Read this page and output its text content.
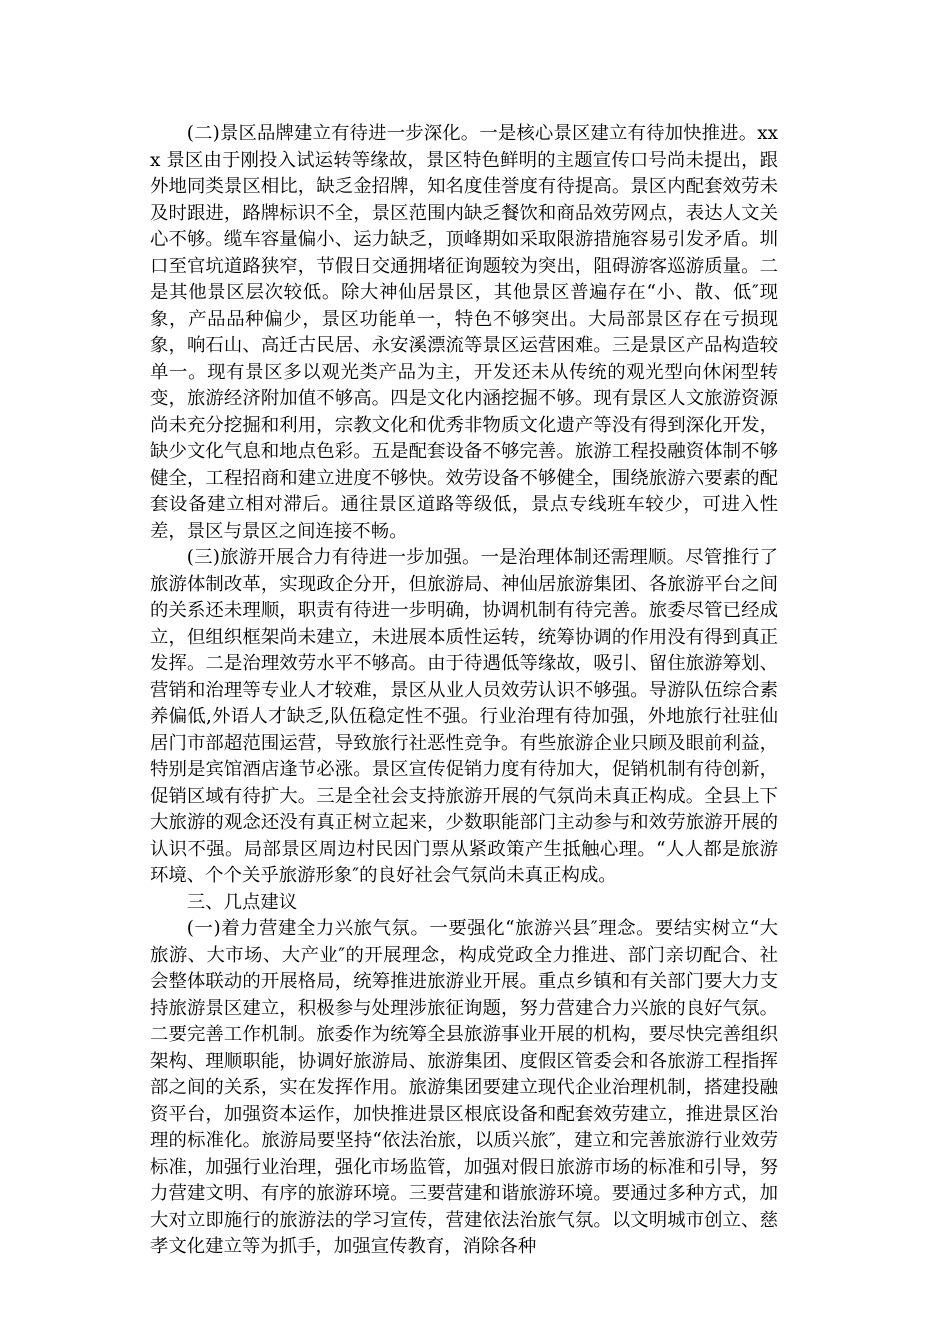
(二)景区品牌建立有待进一步深化。一是核心景区建立有待加快推进。xxx 景区由于刚投入试运转等缘故，景区特色鲜明的主题宣传口号尚未提出，跟外地同类景区相比，缺乏金招牌，知名度佳誉度有待提高。景区内配套效劳未及时跟进，路牌标识不全，景区范围内缺乏餐饮和商品效劳网点，表达人文关心不够。缆车容量偏小、运力缺乏，顶峰期如采取限游措施容易引发矛盾。圳口至官坑道路狭窄，节假日交通拥堵征询题较为突出，阻碍游客巡游质量。二是其他景区层次较低。除大神仙居景区，其他景区普遍存在“小、散、低″现象，产品品种偏少，景区功能单一，特色不够突出。大局部景区存在亏损现象，响石山、高迁古民居、永安溪漂流等景区运营困难。三是景区产品构造较单一。现有景区多以观光类产品为主，开发还未从传统的观光型向休闲型转变，旅游经济附加值不够高。四是文化内涵挖掘不够。现有景区人文旅游资源尚未充分挖掘和利用，宗教文化和优秀非物质文化遗产等没有得到深化开发，缺少文化气息和地点色彩。五是配套设备不够完善。旅游工程投融资体制不够健全，工程招商和建立进度不够快。效劳设备不够健全，围绕旅游六要素的配套设备建立相对滞后。通往景区道路等级低，景点专线班车较少，可进入性差，景区与景区之间连接不畅。

(三)旅游开展合力有待进一步加强。一是治理体制还需理顺。尽管推行了旅游体制改革，实现政企分开，但旅游局、神仙居旅游集团、各旅游平台之间的关系还未理顺，职责有待进一步明确，协调机制有待完善。旅委尽管已经成立，但组织框架尚未建立，未进展本质性运转，统筹协调的作用没有得到真正发挥。二是治理效劳水平不够高。由于待遇低等缘故，吸引、留住旅游筹划、营销和治理等专业人才较难，景区从业人员效劳认识不够强。导游队伍综合素养偏低,外语人才缺乏,队伍稳定性不强。行业治理有待加强，外地旅行社驻仙居门市部超范围运营，导致旅行社恶性竞争。有些旅游企业只顾及眼前利益，特别是宾馆酒店逢节必涨。景区宣传促销力度有待加大，促销机制有待创新，促销区域有待扩大。三是全社会支持旅游开展的气氛尚未真正构成。全县上下大旅游的观念还没有真正树立起来，少数职能部门主动参与和效劳旅游开展的认识不强。局部景区周边村民因门票从紧政策产生抵触心理。“人人都是旅游环境、个个关乎旅游形象″的良好社会气氛尚未真正构成。

三、几点建议

(一)着力营建全力兴旅气氛。一要强化“旅游兴县″理念。要结实树立“大旅游、大市场、大产业″的开展理念，构成党政全力推进、部门亲切配合、社会整体联动的开展格局，统筹推进旅游业开展。重点乡镇和有关部门要大力支持旅游景区建立，积极参与处理涉旅征询题，努力营建合力兴旅的良好气氛。二要完善工作机制。旅委作为统筹全县旅游事业开展的机构，要尽快完善组织架构、理顺职能，协调好旅游局、旅游集团、度假区管委会和各旅游工程指挥部之间的关系，实在发挥作用。旅游集团要建立现代企业治理机制，搭建投融资平台，加强资本运作，加快推进景区根底设备和配套效劳建立，推进景区治理的标准化。旅游局要坚持“依法治旅，以质兴旅″，建立和完善旅游行业效劳标准，加强行业治理，强化市场监管，加强对假日旅游市场的标准和引导，努力营建文明、有序的旅游环境。三要营建和谐旅游环境。要通过多种方式，加大对立即施行的旅游法的学习宣传，营建依法治旅气氛。以文明城市创立、慈孝文化建立等为抓手，加强宣传教育，消除各种
